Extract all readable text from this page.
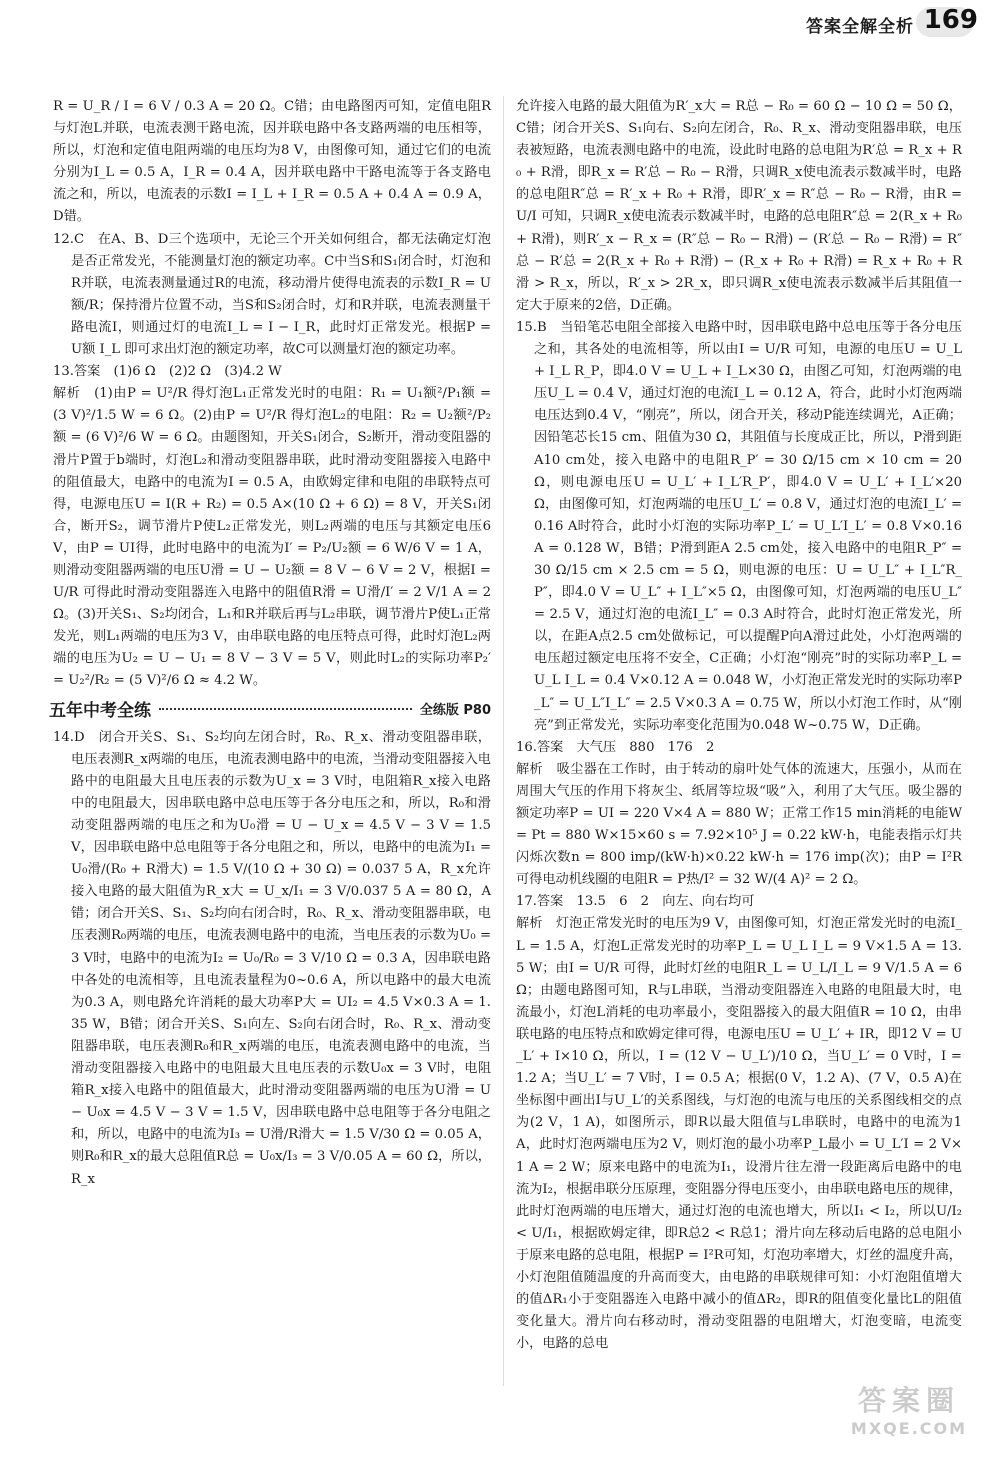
答案全解全析 169

R = U_R / I = 6 V / 0.3 A = 20 Ω。C错；由电路图丙可知，定值电阻R与灯泡L并联，电流表测干路电流，因并联电路中各支路两端的电压相等，所以，灯泡和定值电阻两端的电压均为8 V，由图像可知，通过它们的电流分别为I_L = 0.5 A，I_R = 0.4 A，因并联电路中干路电流等于各支路电流之和，所以，电流表的示数I = I_L + I_R = 0.5 A + 0.4 A = 0.9 A，D错。

12.C　在A、B、D三个选项中，无论三个开关如何组合，都无法确定灯泡是否正常发光，不能测量灯泡的额定功率。C中当S和S₁闭合时，灯泡和R并联，电流表测量通过R的电流，移动滑片使得电流表的示数I_R = U额/R；保持滑片位置不动，当S和S₂闭合时，灯和R并联，电流表测量干路电流I，则通过灯的电流I_L = I − I_R，此时灯正常发光。根据P = U额 I_L 即可求出灯泡的额定功率，故C可以测量灯泡的额定功率。

13.答案　(1)6 Ω　(2)2 Ω　(3)4.2 W

解析　(1)由P = U²/R 得灯泡L₁正常发光时的电阻：R₁ = U₁额²/P₁额 = (3 V)²/1.5 W = 6 Ω。(2)由P = U²/R 得灯泡L₂的电阻：R₂ = U₂额²/P₂额 = (6 V)²/6 W = 6 Ω。由题图知，开关S₁闭合，S₂断开，滑动变阻器的滑片P置于b端时，灯泡L₂和滑动变阻器串联，此时滑动变阻器接入电路中的阻值最大，电路中的电流为I = 0.5 A，由欧姆定律和电阻的串联特点可得，电源电压U = I(R + R₂) = 0.5 A×(10 Ω + 6 Ω) = 8 V，开关S₁闭合，断开S₂，调节滑片P使L₂正常发光，则L₂两端的电压与其额定电压6 V，由P = UI得，此时电路中的电流为I′ = P₂/U₂额 = 6 W/6 V = 1 A，则滑动变阻器两端的电压U滑 = U − U₂额 = 8 V − 6 V = 2 V，根据I = U/R 可得此时滑动变阻器连入电路中的阻值R滑 = U滑/I′ = 2 V/1 A = 2 Ω。(3)开关S₁、S₂均闭合，L₁和R并联后再与L₂串联，调节滑片P使L₁正常发光，则L₁两端的电压为3 V，由串联电路的电压特点可得，此时灯泡L₂两端的电压为U₂ = U − U₁ = 8 V − 3 V = 5 V，则此时L₂的实际功率P₂′ = U₂²/R₂ = (5 V)²/6 Ω ≈ 4.2 W。

五年中考全练	全练版 P80

14.D　闭合开关S、S₁、S₂均向左闭合时，R₀、R_x、滑动变阻器串联，电压表测R_x两端的电压，电流表测电路中的电流，当滑动变阻器接入电路中的电阻最大且电压表的示数为U_x = 3 V时，电阻箱R_x接入电路中的电阻最大，因串联电路中总电压等于各分电压之和，所以，R₀和滑动变阻器两端的电压之和为U₀滑 = U − U_x = 4.5 V − 3 V = 1.5 V，因串联电路中总电阻等于各分电阻之和，所以，电路中的电流为I₁ = U₀滑/(R₀ + R滑大) = 1.5 V/(10 Ω + 30 Ω) = 0.037 5 A，R_x允许接入电路的最大阻值为R_x大 = U_x/I₁ = 3 V/0.037 5 A = 80 Ω，A错；闭合开关S、S₁、S₂均向右闭合时，R₀、R_x、滑动变阻器串联，电压表测R₀两端的电压，电流表测电路中的电流，当电压表的示数为U₀ = 3 V时，电路中的电流为I₂ = U₀/R₀ = 3 V/10 Ω = 0.3 A，因串联电路中各处的电流相等，且电流表量程为0~0.6 A，所以电路中的最大电流为0.3 A，则电路允许消耗的最大功率P大 = UI₂ = 4.5 V×0.3 A = 1.35 W，B错；闭合开关S、S₁向左、S₂向右闭合时，R₀、R_x、滑动变阻器串联，电压表测R₀和R_x两端的电压，电流表测电路中的电流，当滑动变阻器接入电路中的电阻最大且电压表的示数U₀x = 3 V时，电阻箱R_x接入电路中的阻值最大，此时滑动变阻器两端的电压为U滑 = U − U₀x = 4.5 V − 3 V = 1.5 V，因串联电路中总电阻等于各分电阻之和，所以，电路中的电流为I₃ = U滑/R滑大 = 1.5 V/30 Ω = 0.05 A，则R₀和R_x的最大总阻值R总 = U₀x/I₃ = 3 V/0.05 A = 60 Ω，所以，R_x

允许接入电路的最大阻值为R′_x大 = R总 − R₀ = 60 Ω − 10 Ω = 50 Ω，C错；闭合开关S、S₁向右、S₂向左闭合，R₀、R_x、滑动变阻器串联，电压表被短路，电流表测电路中的电流，设此时电路的总电阻为R′总 = R_x + R₀ + R滑，即R_x = R′总 − R₀ − R滑，只调R_x使电流表示数减半时，电路的总电阻R″总 = R′_x + R₀ + R滑，即R′_x = R″总 − R₀ − R滑，由R = U/I 可知，只调R_x使电流表示数减半时，电路的总电阻R″总 = 2(R_x + R₀ + R滑)，则R′_x − R_x = (R″总 − R₀ − R滑) − (R′总 − R₀ − R滑) = R″总 − R′总 = 2(R_x + R₀ + R滑) − (R_x + R₀ + R滑) = R_x + R₀ + R滑 > R_x，所以，R′_x > 2R_x，即只调R_x使电流表示数减半后其阻值一定大于原来的2倍，D正确。

15.B　当铅笔芯电阻全部接入电路中时，因串联电路中总电压等于各分电压之和，其各处的电流相等，所以由I = U/R 可知，电源的电压U = U_L + I_L R_P，即4.0 V = U_L + I_L×30 Ω，由图乙可知，灯泡两端的电压U_L = 0.4 V，通过灯泡的电流I_L = 0.12 A，符合，此时小灯泡两端电压达到0.4 V，“刚亮”，所以，闭合开关，移动P能连续调光，A正确；因铅笔芯长15 cm、阻值为30 Ω，其阻值与长度成正比，所以，P滑到距A10 cm处，接入电路中的电阻R_P′ = 30 Ω/15 cm × 10 cm = 20 Ω，则电源电压U = U_L′ + I_L′R_P′，即4.0 V = U_L′ + I_L′×20 Ω，由图像可知，灯泡两端的电压U_L′ = 0.8 V，通过灯泡的电流I_L′ = 0.16 A时符合，此时小灯泡的实际功率P_L′ = U_L′I_L′ = 0.8 V×0.16 A = 0.128 W，B错；P滑到距A 2.5 cm处，接入电路中的电阻R_P″ = 30 Ω/15 cm × 2.5 cm = 5 Ω，则电源的电压：U = U_L″ + I_L″R_P″，即4.0 V = U_L″ + I_L″×5 Ω，由图像可知，灯泡两端的电压U_L″ = 2.5 V，通过灯泡的电流I_L″ = 0.3 A时符合，此时灯泡正常发光，所以，在距A点2.5 cm处做标记，可以提醒P向A滑过此处，小灯泡两端的电压超过额定电压将不安全，C正确；小灯泡“刚亮”时的实际功率P_L = U_L I_L = 0.4 V×0.12 A = 0.048 W，小灯泡正常发光时的实际功率P_L″ = U_L″I_L″ = 2.5 V×0.3 A = 0.75 W，所以小灯泡工作时，从“刚亮”到正常发光，实际功率变化范围为0.048 W~0.75 W，D正确。

16.答案　大气压　880　176　2

解析　吸尘器在工作时，由于转动的扇叶处气体的流速大，压强小，从而在周围大气压的作用下将灰尘、纸屑等垃圾“吸”入，利用了大气压。吸尘器的额定功率P = UI = 220 V×4 A = 880 W；正常工作15 min消耗的电能W = Pt = 880 W×15×60 s = 7.92×10⁵ J = 0.22 kW·h，电能表指示灯共闪烁次数n = 800 imp/(kW·h)×0.22 kW·h = 176 imp(次)；由P = I²R可得电动机线圈的电阻R = P热/I² = 32 W/(4 A)² = 2 Ω。

17.答案　13.5　6　2　向左、向右均可

解析　灯泡正常发光时的电压为9 V，由图像可知，灯泡正常发光时的电流I_L = 1.5 A，灯泡L正常发光时的功率P_L = U_L I_L = 9 V×1.5 A = 13.5 W；由I = U/R 可得，此时灯丝的电阻R_L = U_L/I_L = 9 V/1.5 A = 6 Ω；由题电路图可知，R与L串联，当滑动变阻器连入电路的电阻最大时，电流最小，灯泡L消耗的电功率最小，变阻器接入的最大阻值R = 10 Ω，由串联电路的电压特点和欧姆定律可得，电源电压U = U_L′ + IR，即12 V = U_L′ + I×10 Ω，所以，I = (12 V − U_L′)/10 Ω，当U_L′ = 0 V时，I = 1.2 A；当U_L′ = 7 V时，I = 0.5 A；根据(0 V，1.2 A)、(7 V，0.5 A)在坐标图中画出I与U_L′的关系图线，与灯泡的电流与电压的关系图线相交的点为(2 V，1 A)，如图所示，即R以最大阻值与L串联时，电路中的电流为1 A，此时灯泡两端电压为2 V，则灯泡的最小功率P_L最小 = U_L′I = 2 V×1 A = 2 W；原来电路中的电流为I₁，设滑片往左滑一段距离后电路中的电流为I₂，根据串联分压原理，变阻器分得电压变小，由串联电路电压的规律，此时灯泡两端的电压增大，通过灯泡的电流也增大，所以I₁ < I₂，所以U/I₂ < U/I₁，根据欧姆定律，即R总2 < R总1；滑片向左移动后电路的总电阻小于原来电路的总电阻，根据P = I²R可知，灯泡功率增大，灯丝的温度升高，小灯泡阻值随温度的升高而变大，由电路的串联规律可知：小灯泡阻值增大的值ΔR₁小于变阻器连入电路中减小的值ΔR₂，即R的阻值变化量比L的阻值变化量大。滑片向右移动时，滑动变阻器的电阻增大，灯泡变暗，电流变小，电路的总电

答案圈
MXQE.COM
